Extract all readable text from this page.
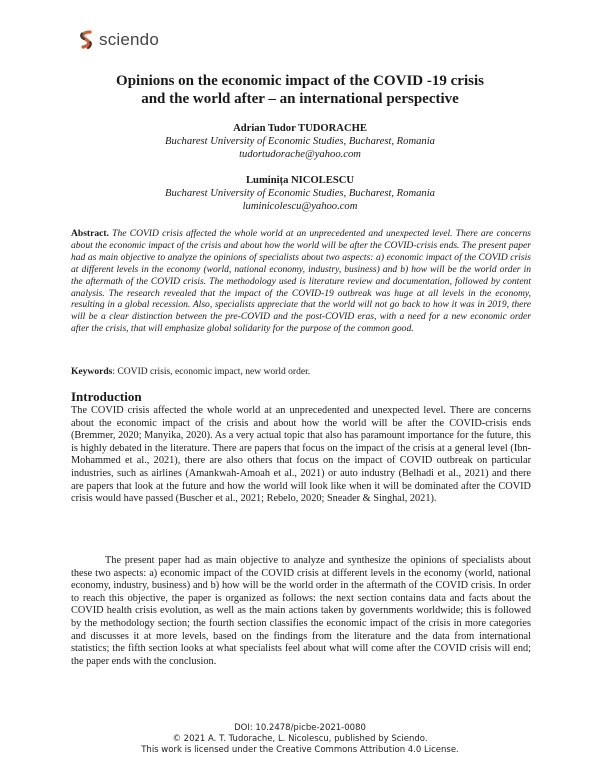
sciendo
Opinions on the economic impact of the COVID -19 crisis
and the world after – an international perspective
Adrian Tudor TUDORACHE
Bucharest University of Economic Studies, Bucharest, Romania
tudortudorache@yahoo.com
Luminița NICOLESCU
Bucharest University of Economic Studies, Bucharest, Romania
luminicolescu@yahoo.com
Abstract. The COVID crisis affected the whole world at an unprecedented and unexpected level. There are concerns about the economic impact of the crisis and about how the world will be after the COVID-crisis ends. The present paper had as main objective to analyze the opinions of specialists about two aspects: a) economic impact of the COVID crisis at different levels in the economy (world, national economy, industry, business) and b) how will be the world order in the aftermath of the COVID crisis. The methodology used is literature review and documentation, followed by content analysis. The research revealed that the impact of the COVID-19 outbreak was huge at all levels in the economy, resulting in a global recession. Also, specialists appreciate that the world will not go back to how it was in 2019, there will be a clear distinction between the pre-COVID and the post-COVID eras, with a need for a new economic order after the crisis, that will emphasize global solidarity for the purpose of the common good.
Keywords: COVID crisis, economic impact, new world order.
Introduction
The COVID crisis affected the whole world at an unprecedented and unexpected level. There are concerns about the economic impact of the crisis and about how the world will be after the COVID-crisis ends (Bremmer, 2020; Manyika, 2020). As a very actual topic that also has paramount importance for the future, this is highly debated in the literature. There are papers that focus on the impact of the crisis at a general level (Ibn-Mohammed et al., 2021), there are also others that focus on the impact of COVID outbreak on particular industries, such as airlines (Amankwah-Amoah et al., 2021) or auto industry (Belhadi et al., 2021) and there are papers that look at the future and how the world will look like when it will be dominated after the COVID crisis would have passed (Buscher et al., 2021; Rebelo, 2020; Sneader & Singhal, 2021).
The present paper had as main objective to analyze and synthesize the opinions of specialists about these two aspects: a) economic impact of the COVID crisis at different levels in the economy (world, national economy, industry, business) and b) how will be the world order in the aftermath of the COVID crisis. In order to reach this objective, the paper is organized as follows: the next section contains data and facts about the COVID health crisis evolution, as well as the main actions taken by governments worldwide; this is followed by the methodology section; the fourth section classifies the economic impact of the crisis in more categories and discusses it at more levels, based on the findings from the literature and the data from international statistics; the fifth section looks at what specialists feel about what will come after the COVID crisis will end; the paper ends with the conclusion.
DOI: 10.2478/picbe-2021-0080
© 2021 A. T. Tudorache, L. Nicolescu, published by Sciendo.
This work is licensed under the Creative Commons Attribution 4.0 License.
